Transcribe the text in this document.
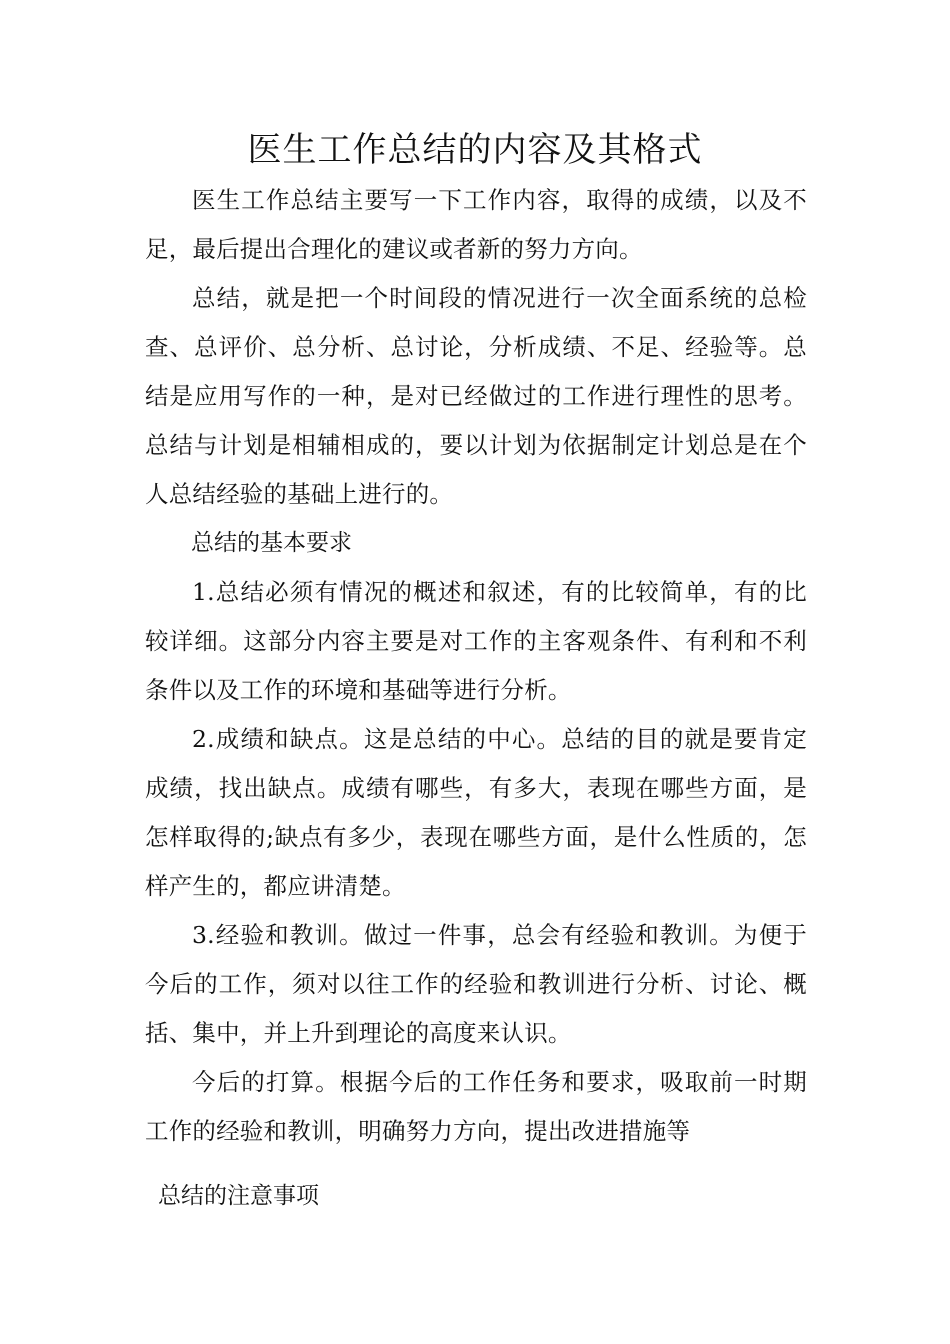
医生工作总结的内容及其格式

医生工作总结主要写一下工作内容，取得的成绩，以及不足，最后提出合理化的建议或者新的努力方向。

总结，就是把一个时间段的情况进行一次全面系统的总检查、总评价、总分析、总讨论，分析成绩、不足、经验等。总结是应用写作的一种，是对已经做过的工作进行理性的思考。总结与计划是相辅相成的，要以计划为依据制定计划总是在个人总结经验的基础上进行的。

总结的基本要求

1.总结必须有情况的概述和叙述，有的比较简单，有的比较详细。这部分内容主要是对工作的主客观条件、有利和不利条件以及工作的环境和基础等进行分析。

2.成绩和缺点。这是总结的中心。总结的目的就是要肯定成绩，找出缺点。成绩有哪些，有多大，表现在哪些方面，是怎样取得的;缺点有多少，表现在哪些方面，是什么性质的，怎样产生的，都应讲清楚。

3.经验和教训。做过一件事，总会有经验和教训。为便于今后的工作，须对以往工作的经验和教训进行分析、讨论、概括、集中，并上升到理论的高度来认识。

今后的打算。根据今后的工作任务和要求，吸取前一时期工作的经验和教训，明确努力方向，提出改进措施等

总结的注意事项
